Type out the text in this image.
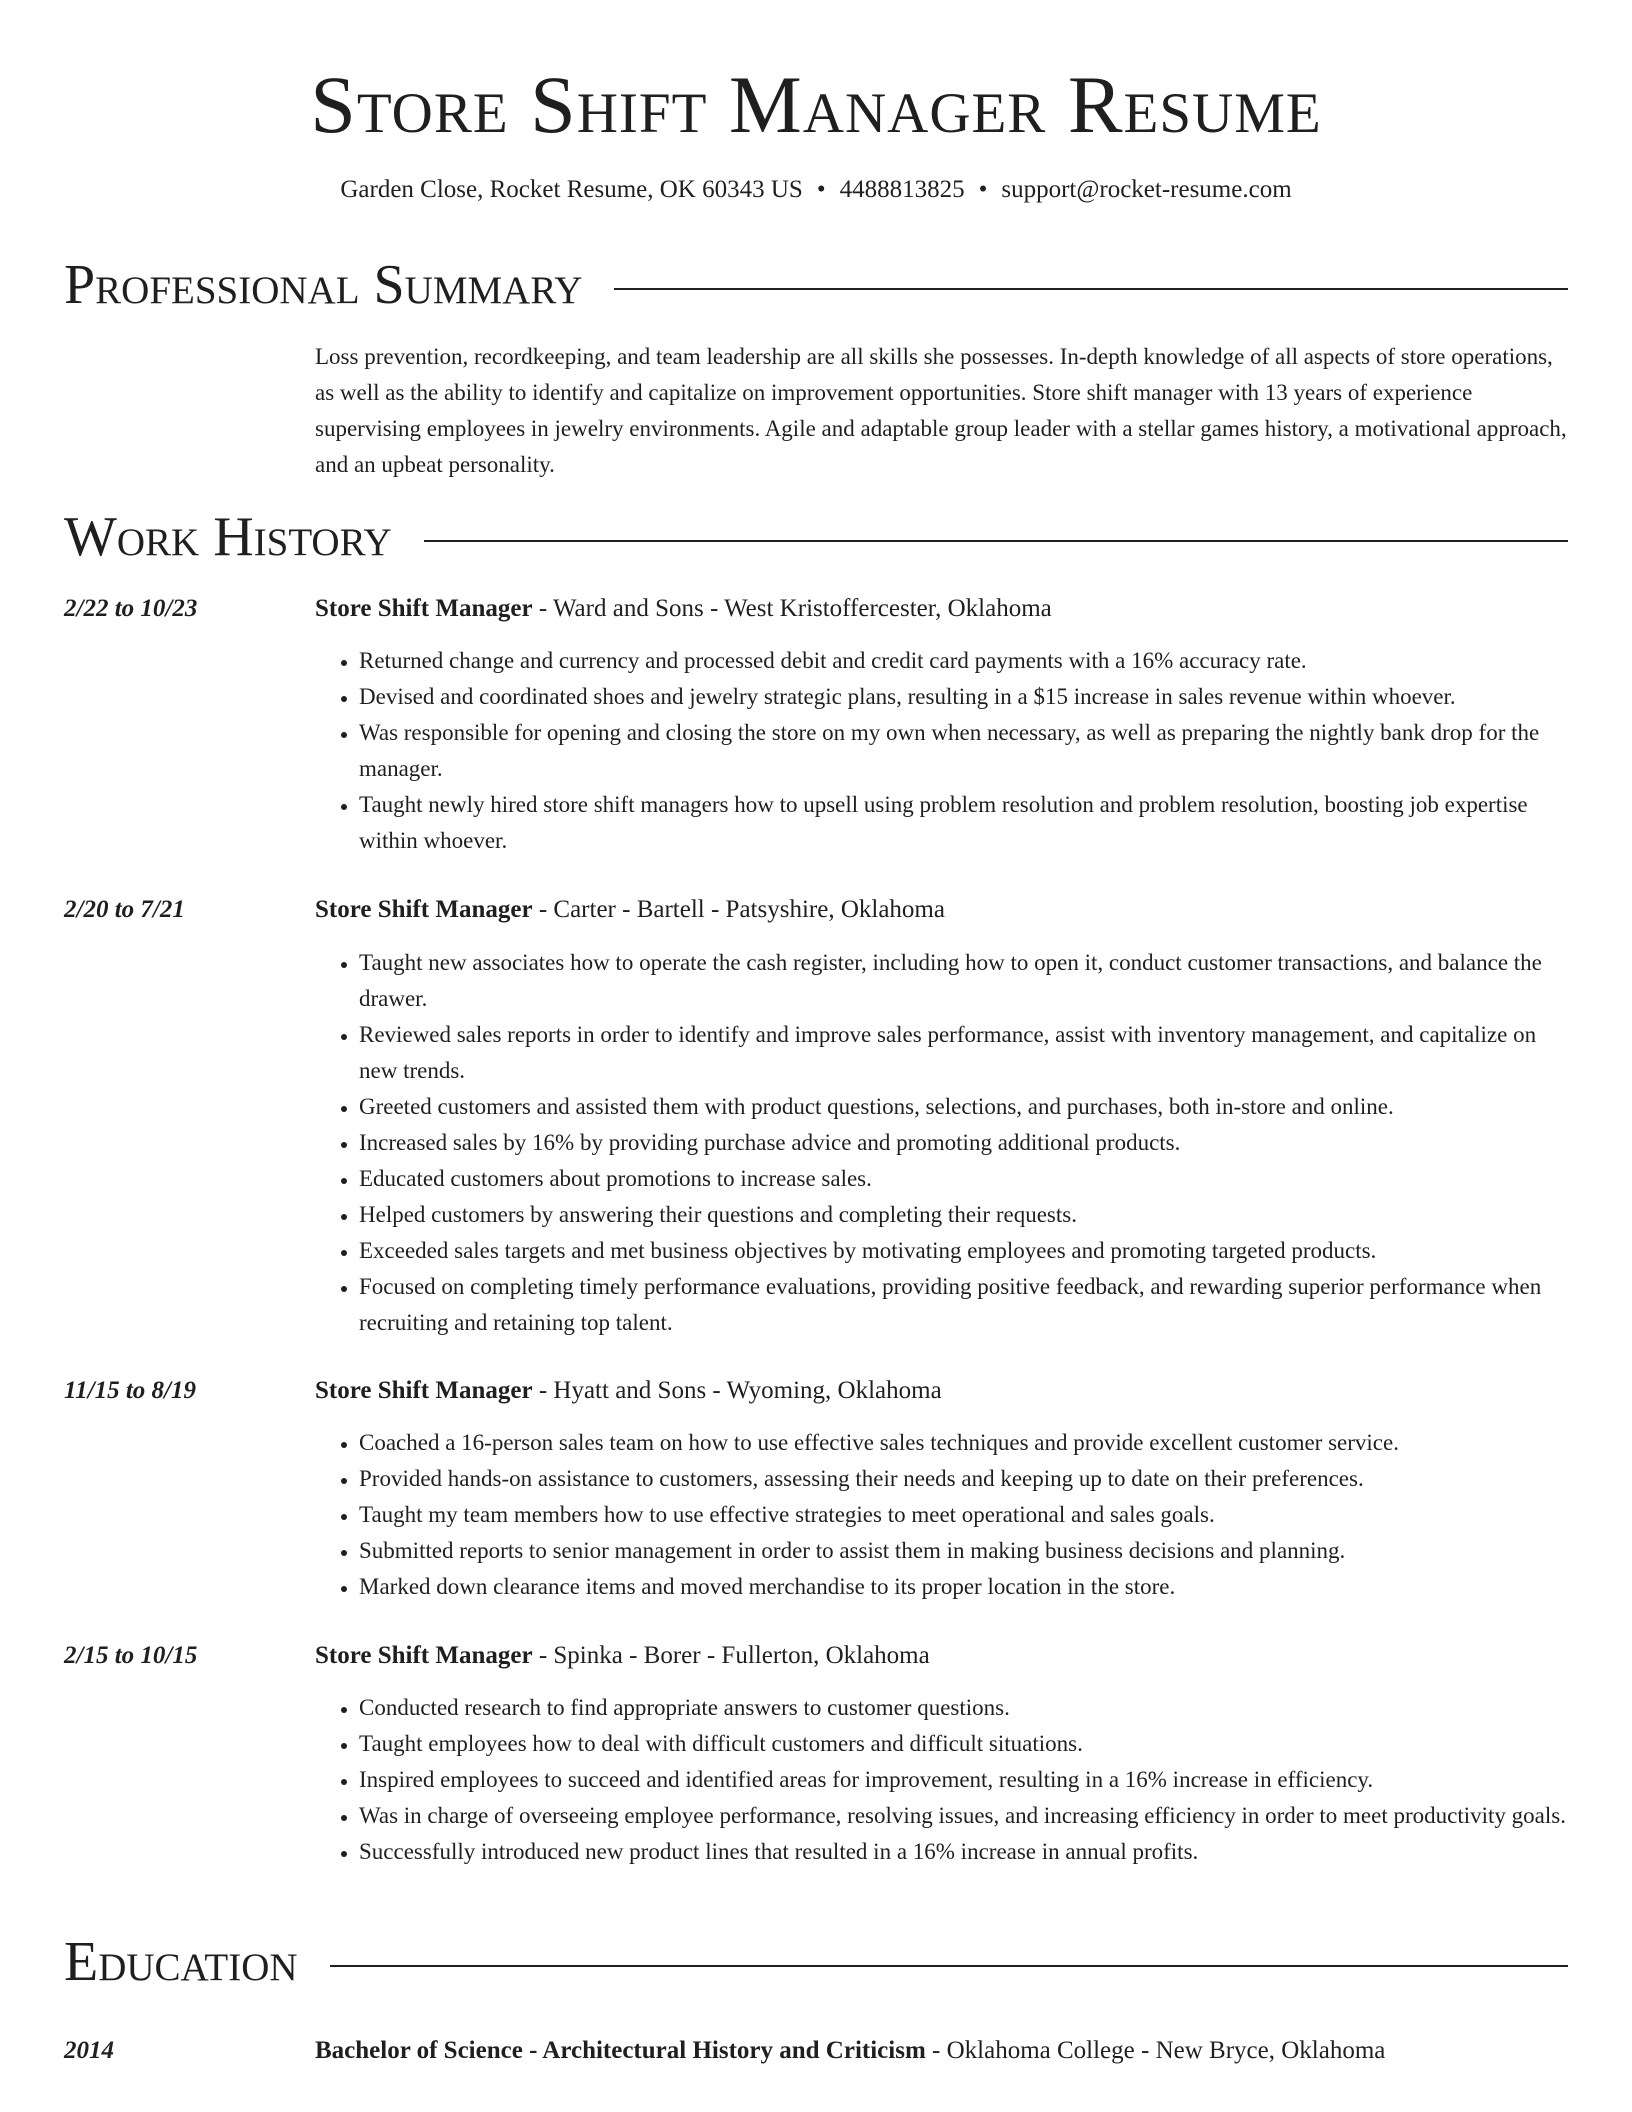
Store Shift Manager Resume
Garden Close, Rocket Resume, OK 60343 US • 4488813825 • support@rocket-resume.com
Professional Summary
Loss prevention, recordkeeping, and team leadership are all skills she possesses. In-depth knowledge of all aspects of store operations, as well as the ability to identify and capitalize on improvement opportunities. Store shift manager with 13 years of experience supervising employees in jewelry environments. Agile and adaptable group leader with a stellar games history, a motivational approach, and an upbeat personality.
Work History
2/22 to 10/23	Store Shift Manager - Ward and Sons - West Kristoffercester, Oklahoma
• Returned change and currency and processed debit and credit card payments with a 16% accuracy rate.
• Devised and coordinated shoes and jewelry strategic plans, resulting in a $15 increase in sales revenue within whoever.
• Was responsible for opening and closing the store on my own when necessary, as well as preparing the nightly bank drop for the manager.
• Taught newly hired store shift managers how to upsell using problem resolution and problem resolution, boosting job expertise within whoever.
2/20 to 7/21	Store Shift Manager - Carter - Bartell - Patsyshire, Oklahoma
• Taught new associates how to operate the cash register, including how to open it, conduct customer transactions, and balance the drawer.
• Reviewed sales reports in order to identify and improve sales performance, assist with inventory management, and capitalize on new trends.
• Greeted customers and assisted them with product questions, selections, and purchases, both in-store and online.
• Increased sales by 16% by providing purchase advice and promoting additional products.
• Educated customers about promotions to increase sales.
• Helped customers by answering their questions and completing their requests.
• Exceeded sales targets and met business objectives by motivating employees and promoting targeted products.
• Focused on completing timely performance evaluations, providing positive feedback, and rewarding superior performance when recruiting and retaining top talent.
11/15 to 8/19	Store Shift Manager - Hyatt and Sons - Wyoming, Oklahoma
• Coached a 16-person sales team on how to use effective sales techniques and provide excellent customer service.
• Provided hands-on assistance to customers, assessing their needs and keeping up to date on their preferences.
• Taught my team members how to use effective strategies to meet operational and sales goals.
• Submitted reports to senior management in order to assist them in making business decisions and planning.
• Marked down clearance items and moved merchandise to its proper location in the store.
2/15 to 10/15	Store Shift Manager - Spinka - Borer - Fullerton, Oklahoma
• Conducted research to find appropriate answers to customer questions.
• Taught employees how to deal with difficult customers and difficult situations.
• Inspired employees to succeed and identified areas for improvement, resulting in a 16% increase in efficiency.
• Was in charge of overseeing employee performance, resolving issues, and increasing efficiency in order to meet productivity goals.
• Successfully introduced new product lines that resulted in a 16% increase in annual profits.
Education
2014	Bachelor of Science - Architectural History and Criticism - Oklahoma College - New Bryce, Oklahoma
